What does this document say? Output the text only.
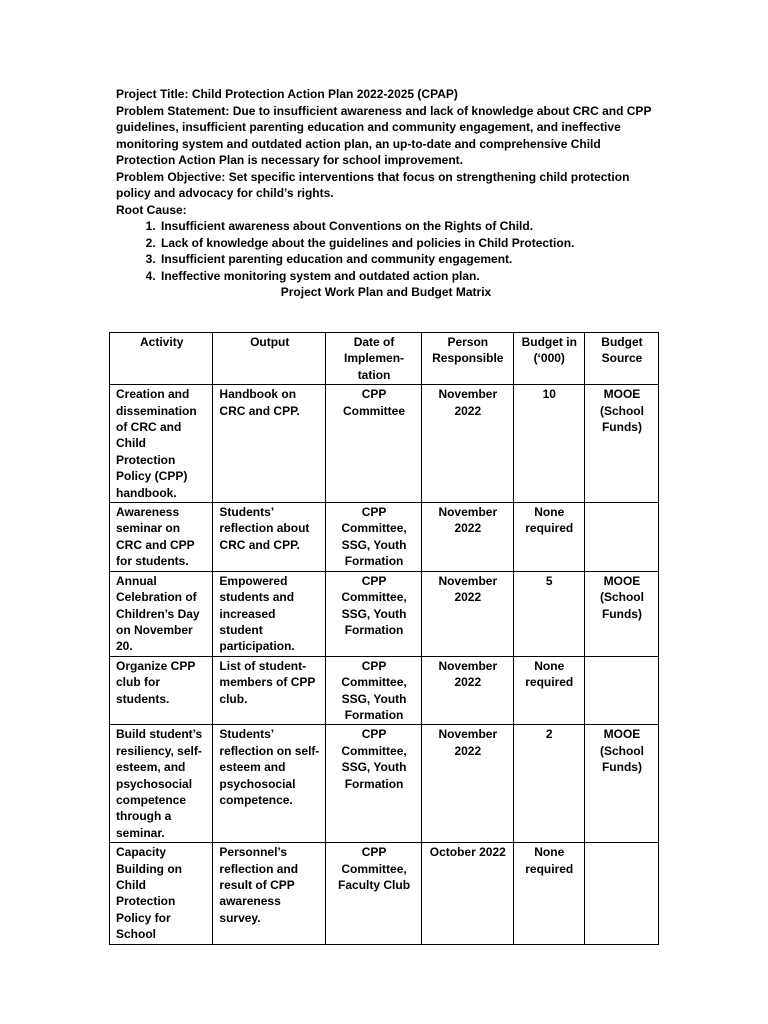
Project Title: Child Protection Action Plan 2022-2025 (CPAP)

Problem Statement: Due to insufficient awareness and lack of knowledge about CRC and CPP guidelines, insufficient parenting education and community engagement, and ineffective monitoring system and outdated action plan, an up-to-date and comprehensive Child Protection Action Plan is necessary for school improvement.

Problem Objective: Set specific interventions that focus on strengthening child protection policy and advocacy for child’s rights.

Root Cause:

1. Insufficient awareness about Conventions on the Rights of Child.
2. Lack of knowledge about the guidelines and policies in Child Protection.
3. Insufficient parenting education and community engagement.
4. Ineffective monitoring system and outdated action plan.

Project Work Plan and Budget Matrix

Activity	Output	Date of Implemen-tation	Person Responsible	Budget in (‘000)	Budget Source
Creation and dissemination of CRC and Child Protection Policy (CPP) handbook.	Handbook on CRC and CPP.	CPP Committee	November 2022	10	MOOE (School Funds)
Awareness seminar on CRC and CPP for students.	Students’ reflection about CRC and CPP.	CPP Committee, SSG, Youth Formation	November 2022	None required	
Annual Celebration of Children’s Day on November 20.	Empowered students and increased student participation.	CPP Committee, SSG, Youth Formation	November 2022	5	MOOE (School Funds)
Organize CPP club for students.	List of student-members of CPP club.	CPP Committee, SSG, Youth Formation	November 2022	None required	
Build student’s resiliency, self-esteem, and psychosocial competence through a seminar.	Students’ reflection on self-esteem and psychosocial competence.	CPP Committee, SSG, Youth Formation	November 2022	2	MOOE (School Funds)
Capacity Building on Child Protection Policy for School	Personnel’s reflection and result of CPP awareness survey.	CPP Committee, Faculty Club	October 2022	None required	
